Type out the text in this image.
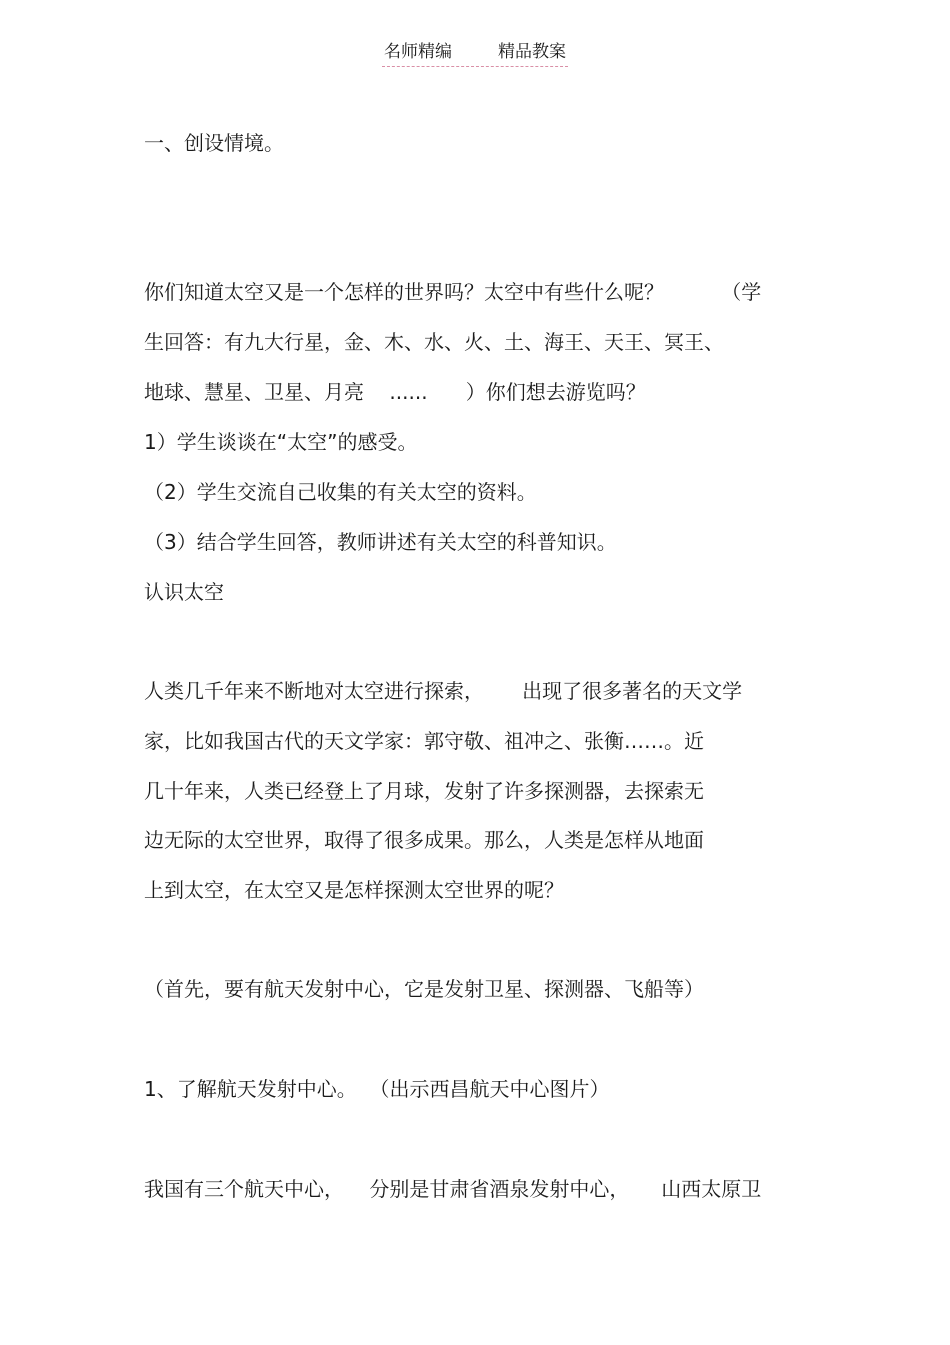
名师精编	精品教案
一、创设情境。
你们知道太空又是一个怎样的世界吗？太空中有些什么呢？         （学
生回答：有九大行星，金、木、水、火、土、海王、天王、冥王、
地球、慧星、卫星、月亮    ......      ）你们想去游览吗？
1）学生谈谈在“太空”的感受。
（2）学生交流自己收集的有关太空的资料。
（3）结合学生回答，教师讲述有关太空的科普知识。
认识太空
人类几千年来不断地对太空进行探索，      出现了很多著名的天文学
家，比如我国古代的天文学家：郭守敬、祖冲之、张衡……。近
几十年来，人类已经登上了月球，发射了许多探测器，去探索无
边无际的太空世界，取得了很多成果。那么，人类是怎样从地面
上到太空，在太空又是怎样探测太空世界的呢？
（首先，要有航天发射中心，它是发射卫星、探测器、飞船等）
1、了解航天发射中心。  （出示西昌航天中心图片）
我国有三个航天中心，    分别是甘肃省酒泉发射中心，     山西太原卫
